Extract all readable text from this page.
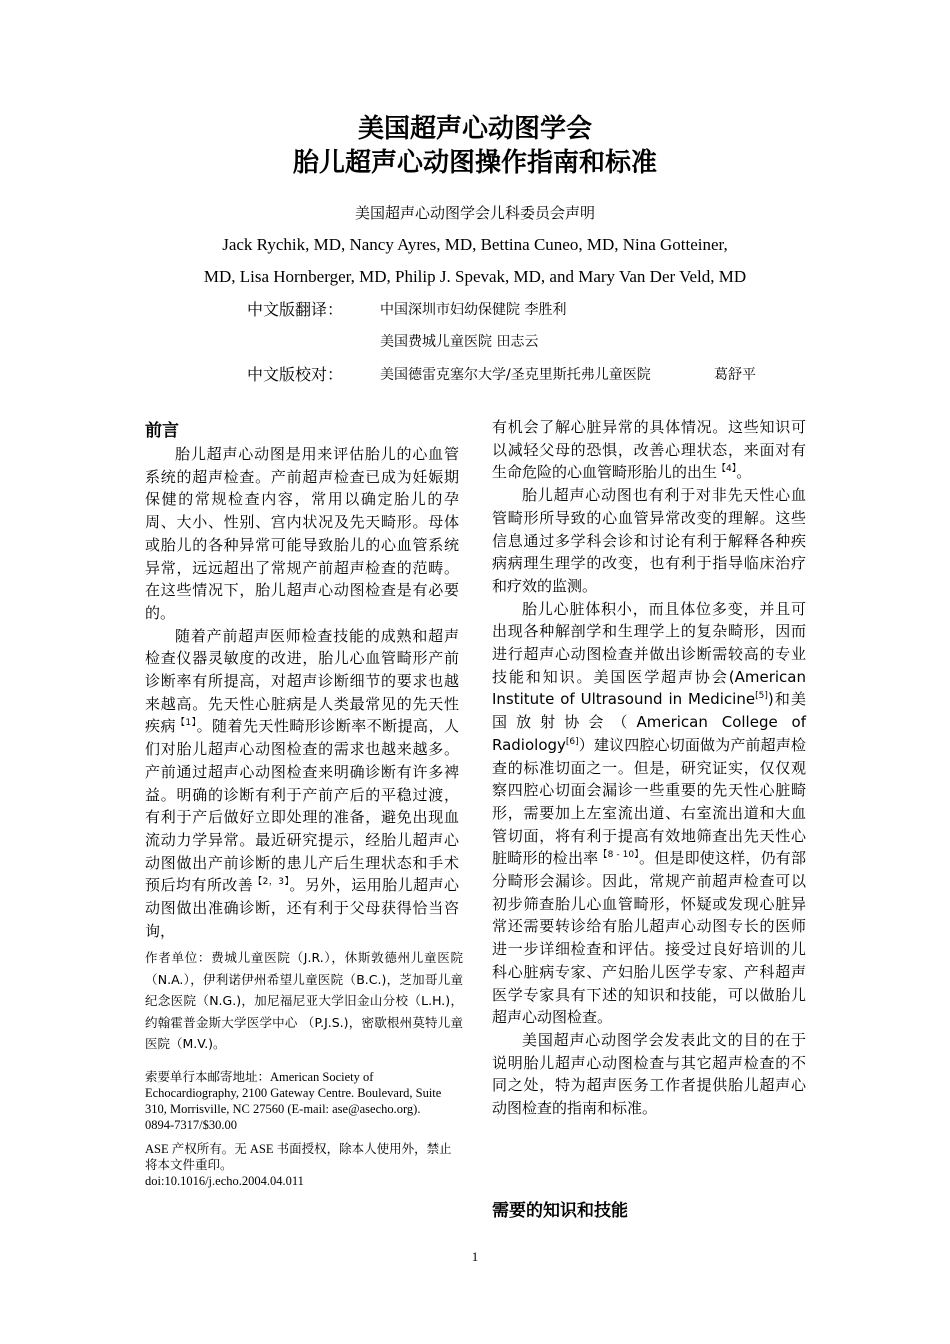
美国超声心动图学会
胎儿超声心动图操作指南和标准
美国超声心动图学会儿科委员会声明
Jack Rychik, MD, Nancy Ayres, MD, Bettina Cuneo, MD, Nina Gotteiner,
MD, Lisa Hornberger, MD, Philip J. Spevak, MD, and Mary Van Der Veld, MD
中文版翻译：	中国深圳市妇幼保健院 李胜利
美国费城儿童医院 田志云
中文版校对：	美国德雷克塞尔大学/圣克里斯托弗儿童医院	葛舒平
前言

胎儿超声心动图是用来评估胎儿的心血管系统的超声检查。产前超声检查已成为妊娠期保健的常规检查内容，常用以确定胎儿的孕周、大小、性别、宫内状况及先天畸形。母体或胎儿的各种异常可能导致胎儿的心血管系统异常，远远超出了常规产前超声检查的范畴。在这些情况下，胎儿超声心动图检查是有必要的。

随着产前超声医师检查技能的成熟和超声检查仪器灵敏度的改进，胎儿心血管畸形产前诊断率有所提高，对超声诊断细节的要求也越来越高。先天性心脏病是人类最常见的先天性疾病$^{【1】}$。随着先天性畸形诊断率不断提高，人们对胎儿超声心动图检查的需求也越来越多。产前通过超声心动图检查来明确诊断有许多裨益。明确的诊断有利于产前产后的平稳过渡，有利于产后做好立即处理的准备，避免出现血流动力学异常。最近研究提示，经胎儿超声心动图做出产前诊断的患儿产后生理状态和手术预后均有所改善$^{【2,3】}$。另外，运用胎儿超声心动图做出准确诊断，还有利于父母获得恰当咨询，

作者单位：费城儿童医院（J.R.），休斯敦德州儿童医院（N.A.），伊利诺伊州希望儿童医院（B.C.)，芝加哥儿童纪念医院（N.G.)，加尼福尼亚大学旧金山分校（L.H.)，约翰霍普金斯大学医学中心 （P.J.S.)，密歇根州莫特儿童医院（M.V.)。

索要单行本邮寄地址：American Society of Echocardiography, 2100 Gateway Centre. Boulevard, Suite 310, Morrisville, NC 27560 (E-mail: ase@asecho.org).

0894-7317/$30.00

ASE 产权所有。无 ASE 书面授权，除本人使用外，禁止将本文件重印。

doi:10.1016/j.echo.2004.04.011

有机会了解心脏异常的具体情况。这些知识可以减轻父母的恐惧，改善心理状态，来面对有生命危险的心血管畸形胎儿的出生$^{【4】}$。

胎儿超声心动图也有利于对非先天性心血管畸形所导致的心血管异常改变的理解。这些信息通过多学科会诊和讨论有利于解释各种疾病病理生理学的改变，也有利于指导临床治疗和疗效的监测。

胎儿心脏体积小，而且体位多变，并且可出现各种解剖学和生理学上的复杂畸形，因而进行超声心动图检查并做出诊断需较高的专业技能和知识。美国医学超声协会(American Institute of Ultrasound in Medicine[5])和美国放射协会（American College of Radiology[6]）建议四腔心切面做为产前超声检查的标准切面之一。但是，研究证实，仅仅观察四腔心切面会漏诊一些重要的先天性心脏畸形，需要加上左室流出道、右室流出道和大血管切面，将有利于提高有效地筛查出先天性心脏畸形的检出率$^{【8 - 10】}$。但是即使这样，仍有部分畸形会漏诊。因此，常规产前超声检查可以初步筛查胎儿心血管畸形，怀疑或发现心脏异常还需要转诊给有胎儿超声心动图专长的医师进一步详细检查和评估。接受过良好培训的儿科心脏病专家、产妇胎儿医学专家、产科超声医学专家具有下述的知识和技能，可以做胎儿超声心动图检查。

美国超声心动图学会发表此文的目的在于说明胎儿超声心动图检查与其它超声检查的不同之处，特为超声医务工作者提供胎儿超声心动图检查的指南和标准。

需要的知识和技能
1
